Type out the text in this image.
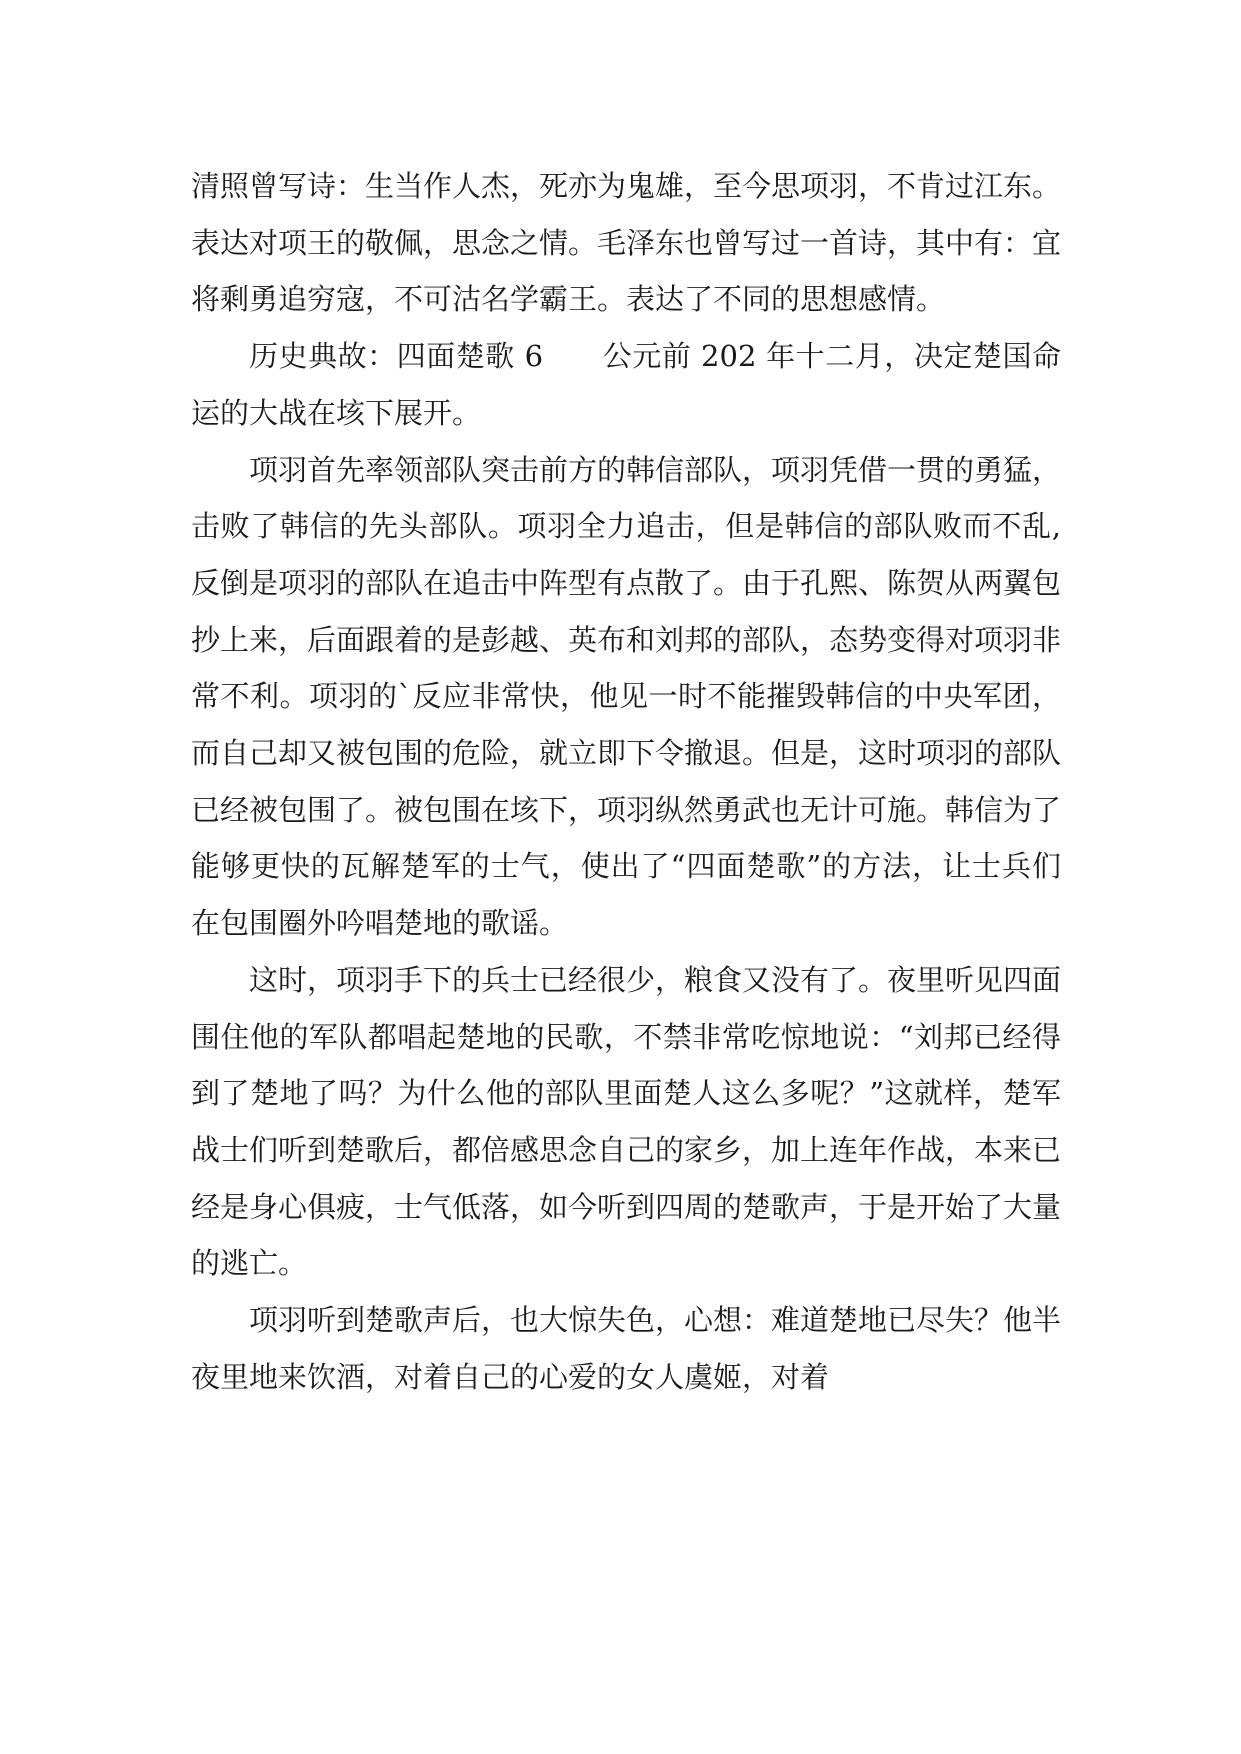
清照曾写诗：生当作人杰，死亦为鬼雄，至今思项羽，不肯过江东。表达对项王的敬佩，思念之情。毛泽东也曾写过一首诗，其中有：宜将剩勇追穷寇，不可沽名学霸王。表达了不同的思想感情。

历史典故：四面楚歌 6　　公元前 202 年十二月，决定楚国命运的大战在垓下展开。

项羽首先率领部队突击前方的韩信部队，项羽凭借一贯的勇猛，击败了韩信的先头部队。项羽全力追击，但是韩信的部队败而不乱,反倒是项羽的部队在追击中阵型有点散了。由于孔熙、陈贺从两翼包抄上来，后面跟着的是彭越、英布和刘邦的部队，态势变得对项羽非常不利。项羽的`反应非常快，他见一时不能摧毁韩信的中央军团，而自己却又被包围的危险，就立即下令撤退。但是，这时项羽的部队已经被包围了。被包围在垓下，项羽纵然勇武也无计可施。韩信为了能够更快的瓦解楚军的士气，使出了“四面楚歌”的方法，让士兵们在包围圈外吟唱楚地的歌谣。

这时，项羽手下的兵士已经很少，粮食又没有了。夜里听见四面围住他的军队都唱起楚地的民歌，不禁非常吃惊地说：“刘邦已经得到了楚地了吗？为什么他的部队里面楚人这么多呢？”这就样，楚军战士们听到楚歌后，都倍感思念自己的家乡，加上连年作战，本来已经是身心俱疲，士气低落，如今听到四周的楚歌声，于是开始了大量的逃亡。

项羽听到楚歌声后，也大惊失色，心想：难道楚地已尽失？他半夜里地来饮酒，对着自己的心爱的女人虞姬，对着
